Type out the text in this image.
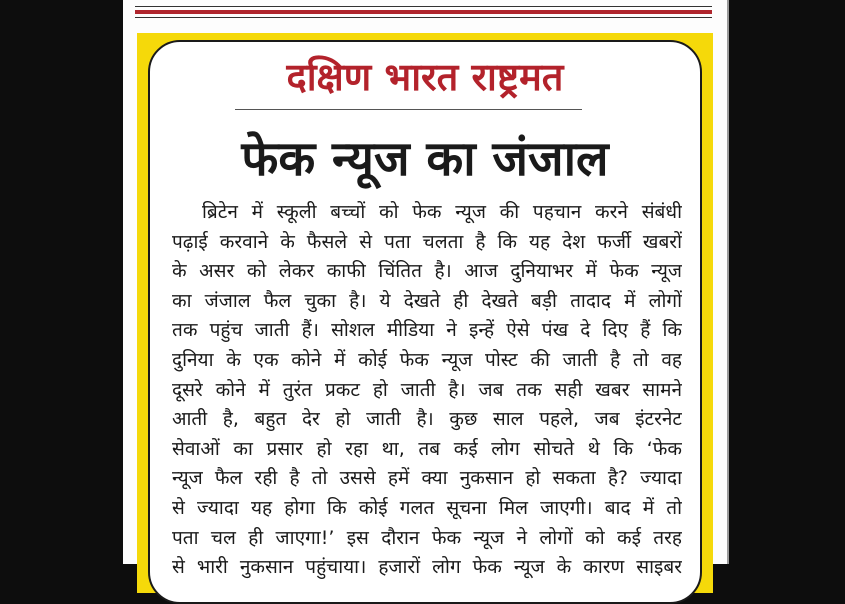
दक्षिण भारत राष्ट्रमत
फेक न्यूज का जंजाल
ब्रिटेन में स्कूली बच्चों को फेक न्यूज की पहचान करने संबंधी
पढ़ाई करवाने के फैसले से पता चलता है कि यह देश फर्जी खबरों
के असर को लेकर काफी चिंतित है। आज दुनियाभर में फेक न्यूज
का जंजाल फैल चुका है। ये देखते ही देखते बड़ी तादाद में लोगों
तक पहुंच जाती हैं। सोशल मीडिया ने इन्हें ऐसे पंख दे दिए हैं कि
दुनिया के एक कोने में कोई फेक न्यूज पोस्ट की जाती है तो वह
दूसरे कोने में तुरंत प्रकट हो जाती है। जब तक सही खबर सामने
आती है, बहुत देर हो जाती है। कुछ साल पहले, जब इंटरनेट
सेवाओं का प्रसार हो रहा था, तब कई लोग सोचते थे कि ‘फेक
न्यूज फैल रही है तो उससे हमें क्या नुकसान हो सकता है? ज्यादा
से ज्यादा यह होगा कि कोई गलत सूचना मिल जाएगी। बाद में तो
पता चल ही जाएगा!’ इस दौरान फेक न्यूज ने लोगों को कई तरह
से भारी नुकसान पहुंचाया। हजारों लोग फेक न्यूज के कारण साइबर
